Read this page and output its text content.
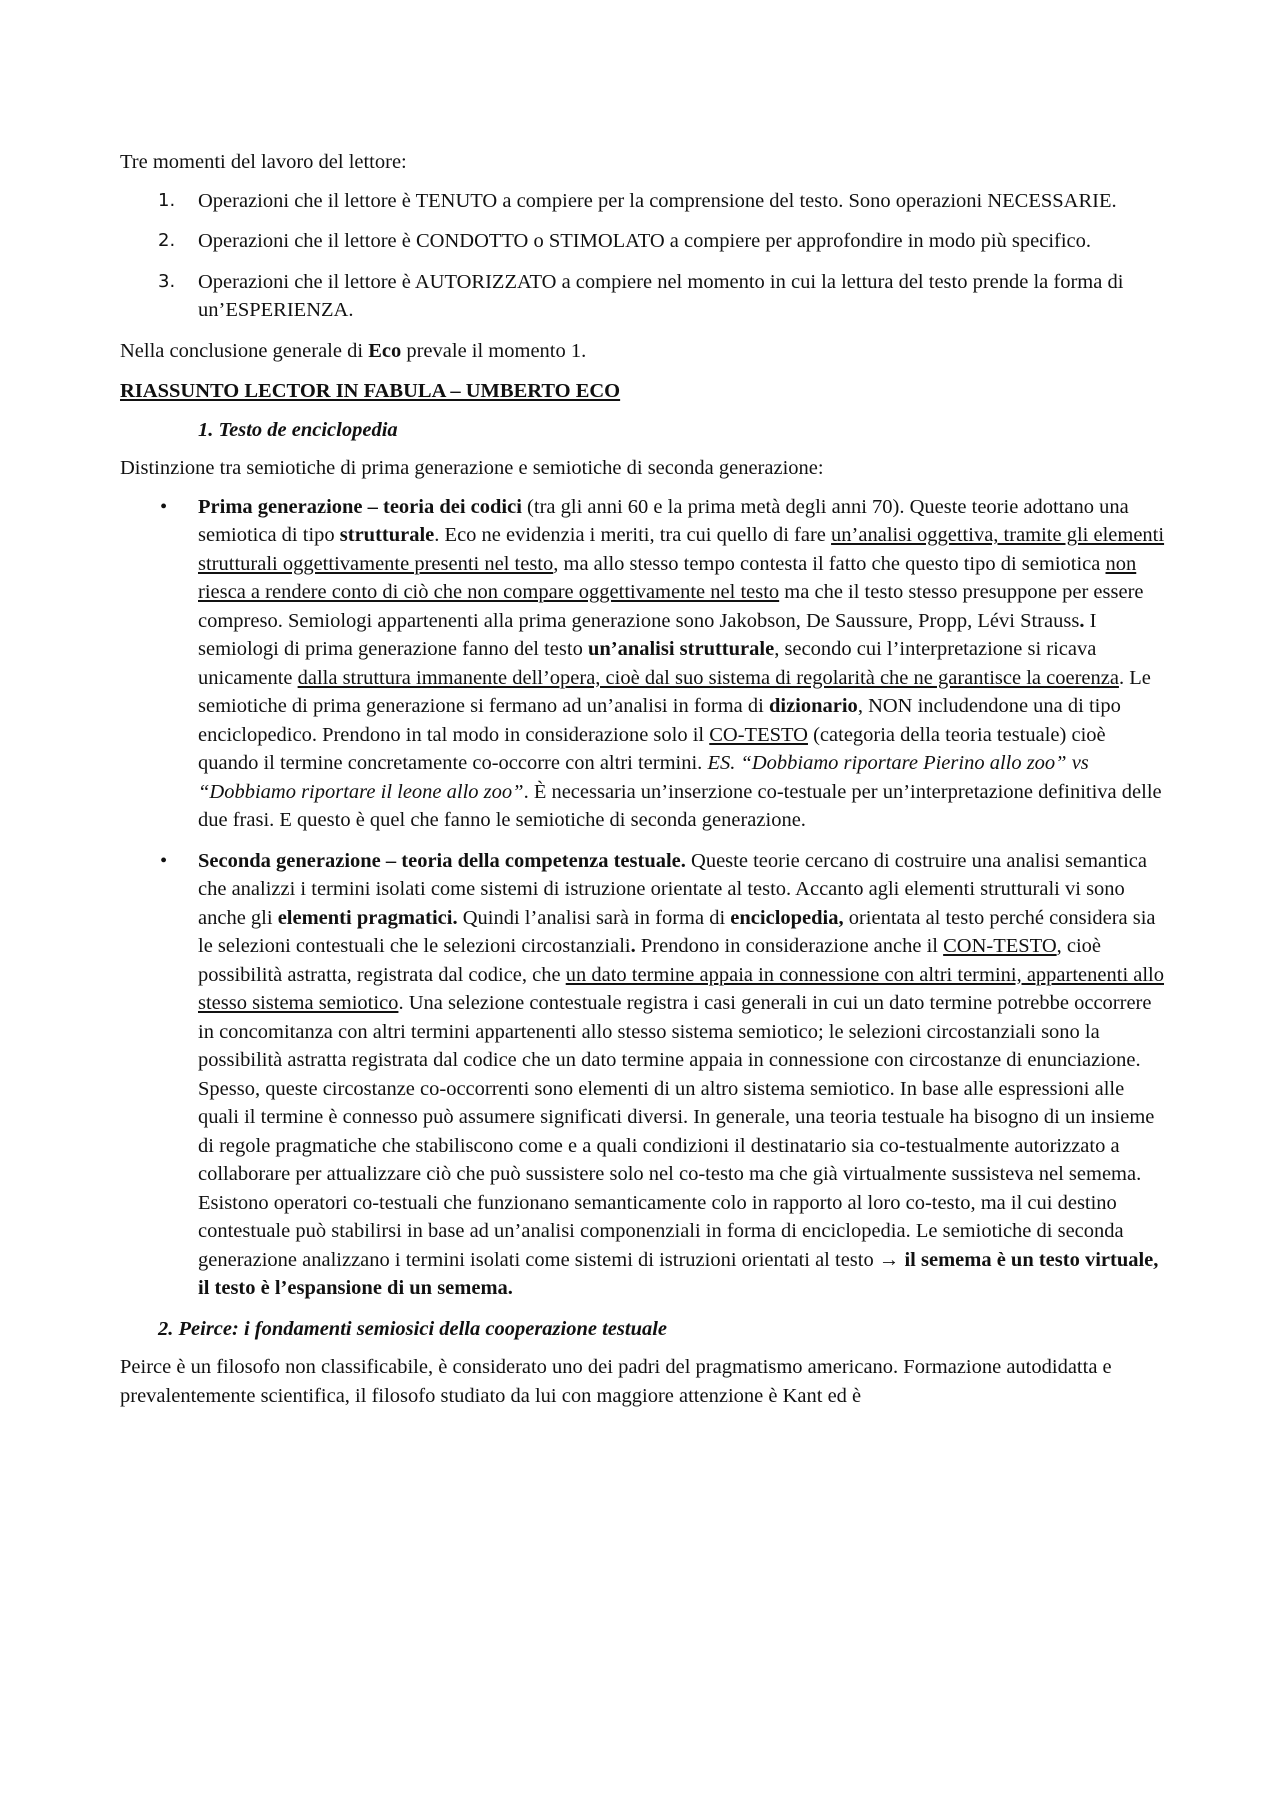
Tre momenti del lavoro del lettore:

1. Operazioni che il lettore è TENUTO a compiere per la comprensione del testo. Sono operazioni NECESSARIE.
2. Operazioni che il lettore è CONDOTTO o STIMOLATO a compiere per approfondire in modo più specifico.
3. Operazioni che il lettore è AUTORIZZATO a compiere nel momento in cui la lettura del testo prende la forma di un’ESPERIENZA.

Nella conclusione generale di Eco prevale il momento 1.

RIASSUNTO LECTOR IN FABULA – UMBERTO ECO

1. Testo de enciclopedia

Distinzione tra semiotiche di prima generazione e semiotiche di seconda generazione:

• Prima generazione – teoria dei codici (tra gli anni 60 e la prima metà degli anni 70). Queste teorie adottano una semiotica di tipo strutturale. Eco ne evidenzia i meriti, tra cui quello di fare un’analisi oggettiva, tramite gli elementi strutturali oggettivamente presenti nel testo, ma allo stesso tempo contesta il fatto che questo tipo di semiotica non riesca a rendere conto di ciò che non compare oggettivamente nel testo ma che il testo stesso presuppone per essere compreso. Semiologi appartenenti alla prima generazione sono Jakobson, De Saussure, Propp, Lévi Strauss. I semiologi di prima generazione fanno del testo un’analisi strutturale, secondo cui l’interpretazione si ricava unicamente dalla struttura immanente dell’opera, cioè dal suo sistema di regolarità che ne garantisce la coerenza. Le semiotiche di prima generazione si fermano ad un’analisi in forma di dizionario, NON includendone una di tipo enciclopedico. Prendono in tal modo in considerazione solo il CO-TESTO (categoria della teoria testuale) cioè quando il termine concretamente co-occorre con altri termini. ES. “Dobbiamo riportare Pierino allo zoo” vs “Dobbiamo riportare il leone allo zoo”. È necessaria un’inserzione co-testuale per un’interpretazione definitiva delle due frasi. E questo è quel che fanno le semiotiche di seconda generazione.
• Seconda generazione – teoria della competenza testuale. Queste teorie cercano di costruire una analisi semantica che analizzi i termini isolati come sistemi di istruzione orientate al testo. Accanto agli elementi strutturali vi sono anche gli elementi pragmatici. Quindi l’analisi sarà in forma di enciclopedia, orientata al testo perché considera sia le selezioni contestuali che le selezioni circostanziali. Prendono in considerazione anche il CON-TESTO, cioè possibilità astratta, registrata dal codice, che un dato termine appaia in connessione con altri termini, appartenenti allo stesso sistema semiotico. Una selezione contestuale registra i casi generali in cui un dato termine potrebbe occorrere in concomitanza con altri termini appartenenti allo stesso sistema semiotico; le selezioni circostanziali sono la possibilità astratta registrata dal codice che un dato termine appaia in connessione con circostanze di enunciazione. Spesso, queste circostanze co-occorrenti sono elementi di un altro sistema semiotico. In base alle espressioni alle quali il termine è connesso può assumere significati diversi. In generale, una teoria testuale ha bisogno di un insieme di regole pragmatiche che stabiliscono come e a quali condizioni il destinatario sia co-testualmente autorizzato a collaborare per attualizzare ciò che può sussistere solo nel co-testo ma che già virtualmente sussisteva nel semema.
Esistono operatori co-testuali che funzionano semanticamente colo in rapporto al loro co-testo, ma il cui destino contestuale può stabilirsi in base ad un’analisi componenziali in forma di enciclopedia. Le semiotiche di seconda generazione analizzano i termini isolati come sistemi di istruzioni orientati al testo → il semema è un testo virtuale, il testo è l’espansione di un semema.

2. Peirce: i fondamenti semiosici della cooperazione testuale

Peirce è un filosofo non classificabile, è considerato uno dei padri del pragmatismo americano. Formazione autodidatta e prevalentemente scientifica, il filosofo studiato da lui con maggiore attenzione è Kant ed è
